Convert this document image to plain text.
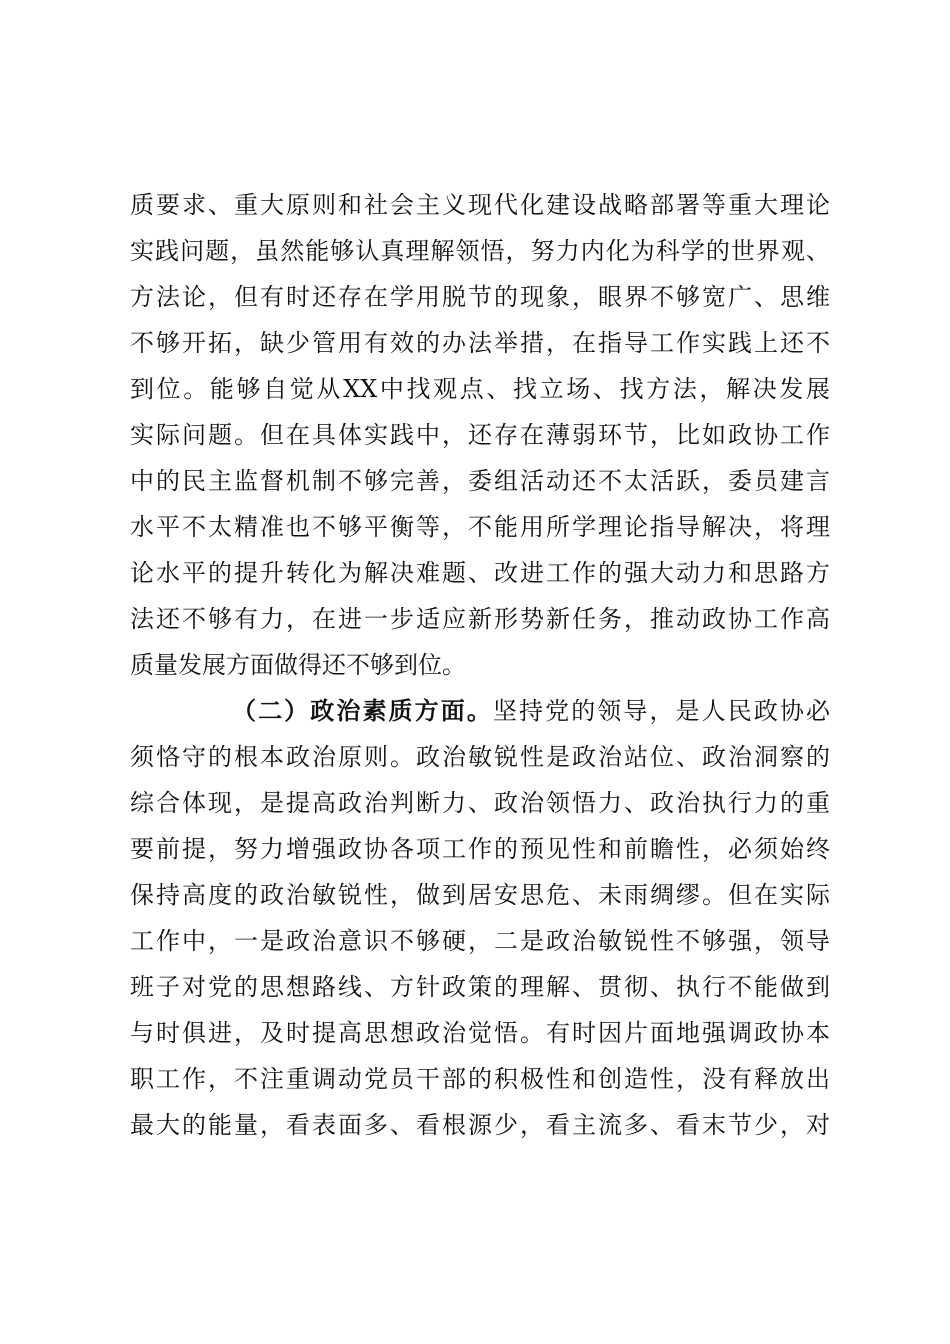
质要求、重大原则和社会主义现代化建设战略部署等重大理论
实践问题，虽然能够认真理解领悟，努力内化为科学的世界观、
方法论，但有时还存在学用脱节的现象，眼界不够宽广、思维
不够开拓，缺少管用有效的办法举措，在指导工作实践上还不
到位。能够自觉从XX中找观点、找立场、找方法，解决发展
实际问题。但在具体实践中，还存在薄弱环节，比如政协工作
中的民主监督机制不够完善，委组活动还不太活跃，委员建言
水平不太精准也不够平衡等，不能用所学理论指导解决，将理
论水平的提升转化为解决难题、改进工作的强大动力和思路方
法还不够有力，在进一步适应新形势新任务，推动政协工作高
质量发展方面做得还不够到位。
（二）政治素质方面。坚持党的领导，是人民政协必
须恪守的根本政治原则。政治敏锐性是政治站位、政治洞察的
综合体现，是提高政治判断力、政治领悟力、政治执行力的重
要前提，努力增强政协各项工作的预见性和前瞻性，必须始终
保持高度的政治敏锐性，做到居安思危、未雨绸缪。但在实际
工作中，一是政治意识不够硬，二是政治敏锐性不够强，领导
班子对党的思想路线、方针政策的理解、贯彻、执行不能做到
与时俱进，及时提高思想政治觉悟。有时因片面地强调政协本
职工作，不注重调动党员干部的积极性和创造性，没有释放出
最大的能量，看表面多、看根源少，看主流多、看末节少，对
